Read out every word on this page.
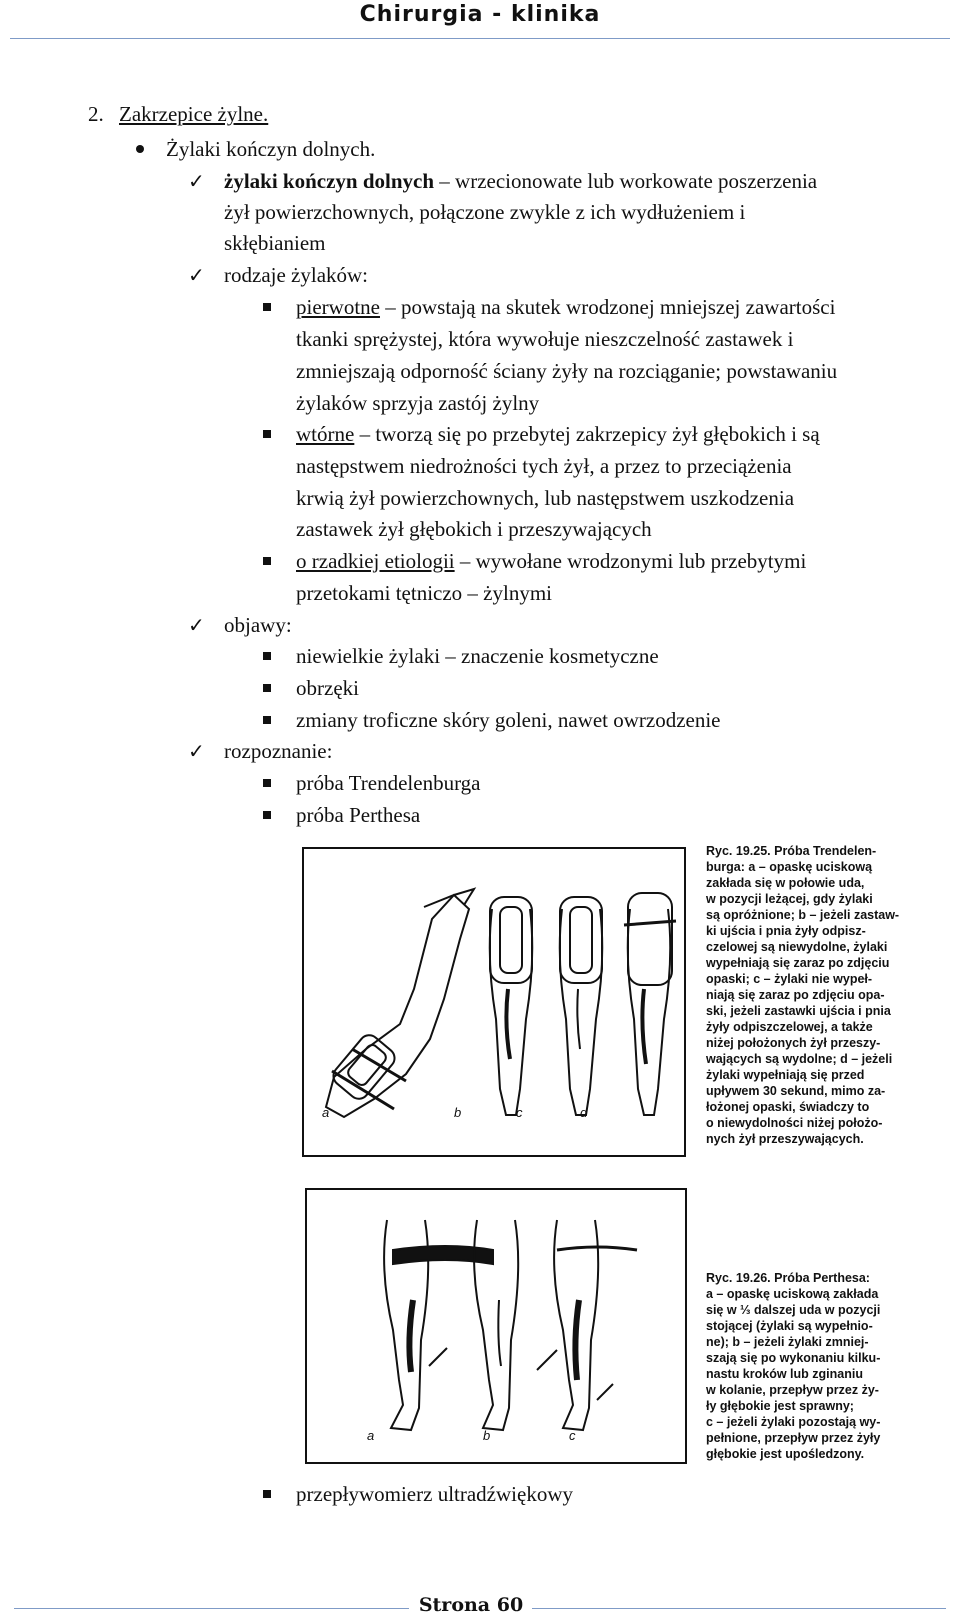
Chirurgia - klinika
2. Zakrzepice żylne.
Żylaki kończyn dolnych.
✓ żylaki kończyn dolnych – wrzecionowate lub workowate poszerzenia
żył powierzchownych, połączone zwykle z ich wydłużeniem i
skłębianiem
✓ rodzaje żylaków:
pierwotne – powstają na skutek wrodzonej mniejszej zawartości
tkanki sprężystej, która wywołuje nieszczelność zastawek i
zmniejszają odporność ściany żyły na rozciąganie; powstawaniu
żylaków sprzyja zastój żylny
wtórne – tworzą się po przebytej zakrzepicy żył głębokich i są
następstwem niedrożności tych żył, a przez to przeciążenia
krwią żył powierzchownych, lub następstwem uszkodzenia
zastawek żył głębokich i przeszywających
o rzadkiej etiologii – wywołane wrodzonymi lub przebytymi
przetokami tętniczo – żylnymi
✓ objawy:
niewielkie żylaki – znaczenie kosmetyczne
obrzęki
zmiany troficzne skóry goleni, nawet owrzodzenie
✓ rozpoznanie:
próba Trendelenburga
próba Perthesa
a	b	c	d
Ryc. 19.25. Próba Trendelen-
burga: a – opaskę uciskową
zakłada się w połowie uda,
w pozycji leżącej, gdy żylaki
są opróżnione; b – jeżeli zastaw-
ki ujścia i pnia żyły odpisz-
czelowej są niewydolne, żylaki
wypełniają się zaraz po zdjęciu
opaski; c – żylaki nie wypeł-
niają się zaraz po zdjęciu opa-
ski, jeżeli zastawki ujścia i pnia
żyły odpiszczelowej, a także
niżej położonych żył przeszy-
wających są wydolne; d – jeżeli
żylaki wypełniają się przed
upływem 30 sekund, mimo za-
łożonej opaski, świadczy to
o niewydolności niżej położo-
nych żył przeszywających.
a	b	c
Ryc. 19.26. Próba Perthesa:
a – opaskę uciskową zakłada
się w ⅓ dalszej uda w pozycji
stojącej (żylaki są wypełnio-
ne); b – jeżeli żylaki zmniej-
szają się po wykonaniu kilku-
nastu kroków lub zginaniu
w kolanie, przepływ przez ży-
ły głębokie jest sprawny;
c – jeżeli żylaki pozostają wy-
pełnione, przepływ przez żyły
głębokie jest upośledzony.
przepływomierz ultradźwiękowy
Strona 60
